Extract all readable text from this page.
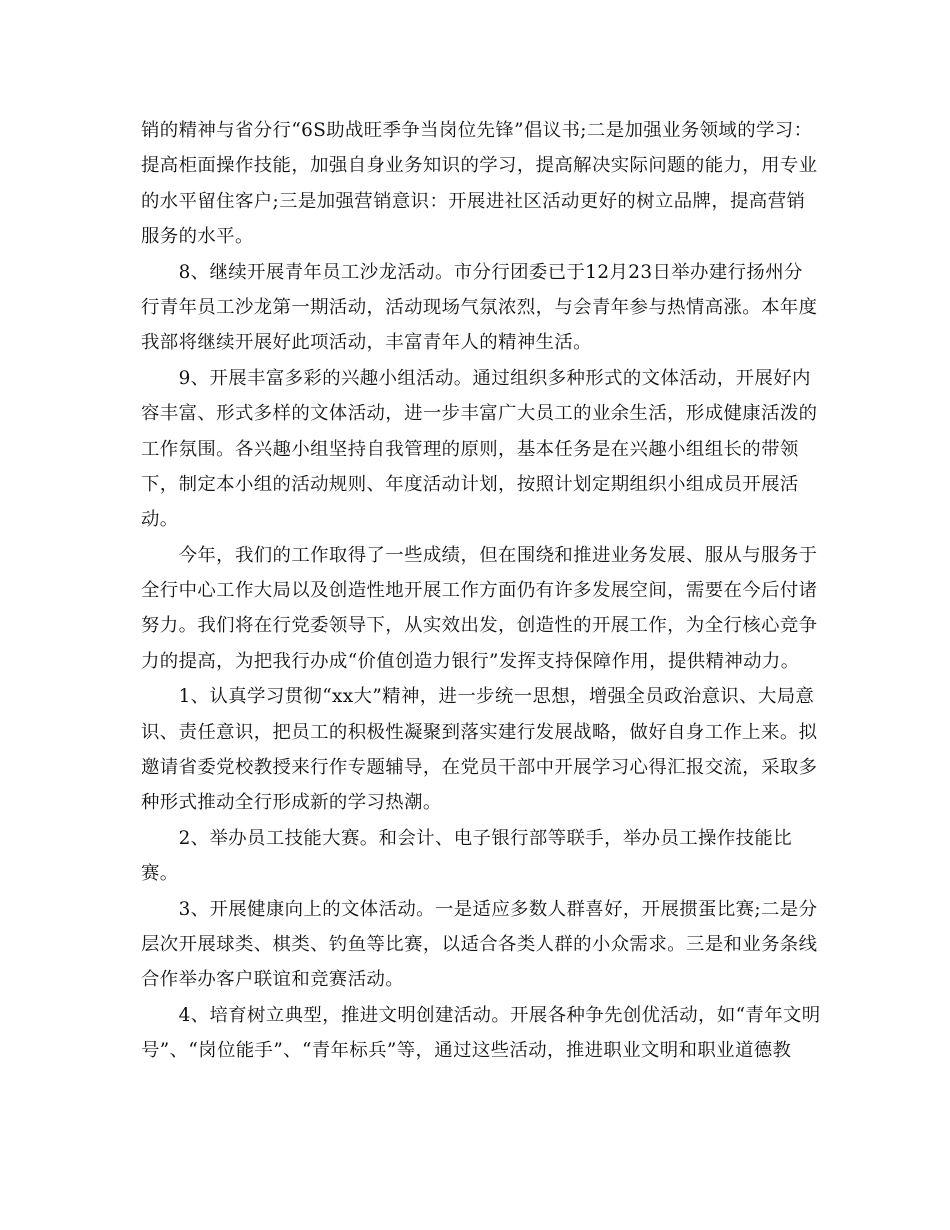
销的精神与省分行“6S助战旺季争当岗位先锋”倡议书;二是加强业务领域的学习：
提高柜面操作技能，加强自身业务知识的学习，提高解决实际问题的能力，用专业
的水平留住客户;三是加强营销意识：开展进社区活动更好的树立品牌，提高营销
服务的水平。
　　8、继续开展青年员工沙龙活动。市分行团委已于12月23日举办建行扬州分
行青年员工沙龙第一期活动，活动现场气氛浓烈，与会青年参与热情高涨。本年度
我部将继续开展好此项活动，丰富青年人的精神生活。
　　9、开展丰富多彩的兴趣小组活动。通过组织多种形式的文体活动，开展好内
容丰富、形式多样的文体活动，进一步丰富广大员工的业余生活，形成健康活泼的
工作氛围。各兴趣小组坚持自我管理的原则，基本任务是在兴趣小组组长的带领
下，制定本小组的活动规则、年度活动计划，按照计划定期组织小组成员开展活
动。
　　今年，我们的工作取得了一些成绩，但在围绕和推进业务发展、服从与服务于
全行中心工作大局以及创造性地开展工作方面仍有许多发展空间，需要在今后付诸
努力。我们将在行党委领导下，从实效出发，创造性的开展工作，为全行核心竞争
力的提高，为把我行办成“价值创造力银行”发挥支持保障作用，提供精神动力。
　　1、认真学习贯彻“xx大”精神，进一步统一思想，增强全员政治意识、大局意
识、责任意识，把员工的积极性凝聚到落实建行发展战略，做好自身工作上来。拟
邀请省委党校教授来行作专题辅导，在党员干部中开展学习心得汇报交流，采取多
种形式推动全行形成新的学习热潮。
　　2、举办员工技能大赛。和会计、电子银行部等联手，举办员工操作技能比
赛。
　　3、开展健康向上的文体活动。一是适应多数人群喜好，开展掼蛋比赛;二是分
层次开展球类、棋类、钓鱼等比赛，以适合各类人群的小众需求。三是和业务条线
合作举办客户联谊和竞赛活动。
　　4、培育树立典型，推进文明创建活动。开展各种争先创优活动，如“青年文明
号”、“岗位能手”、“青年标兵”等，通过这些活动，推进职业文明和职业道德教
